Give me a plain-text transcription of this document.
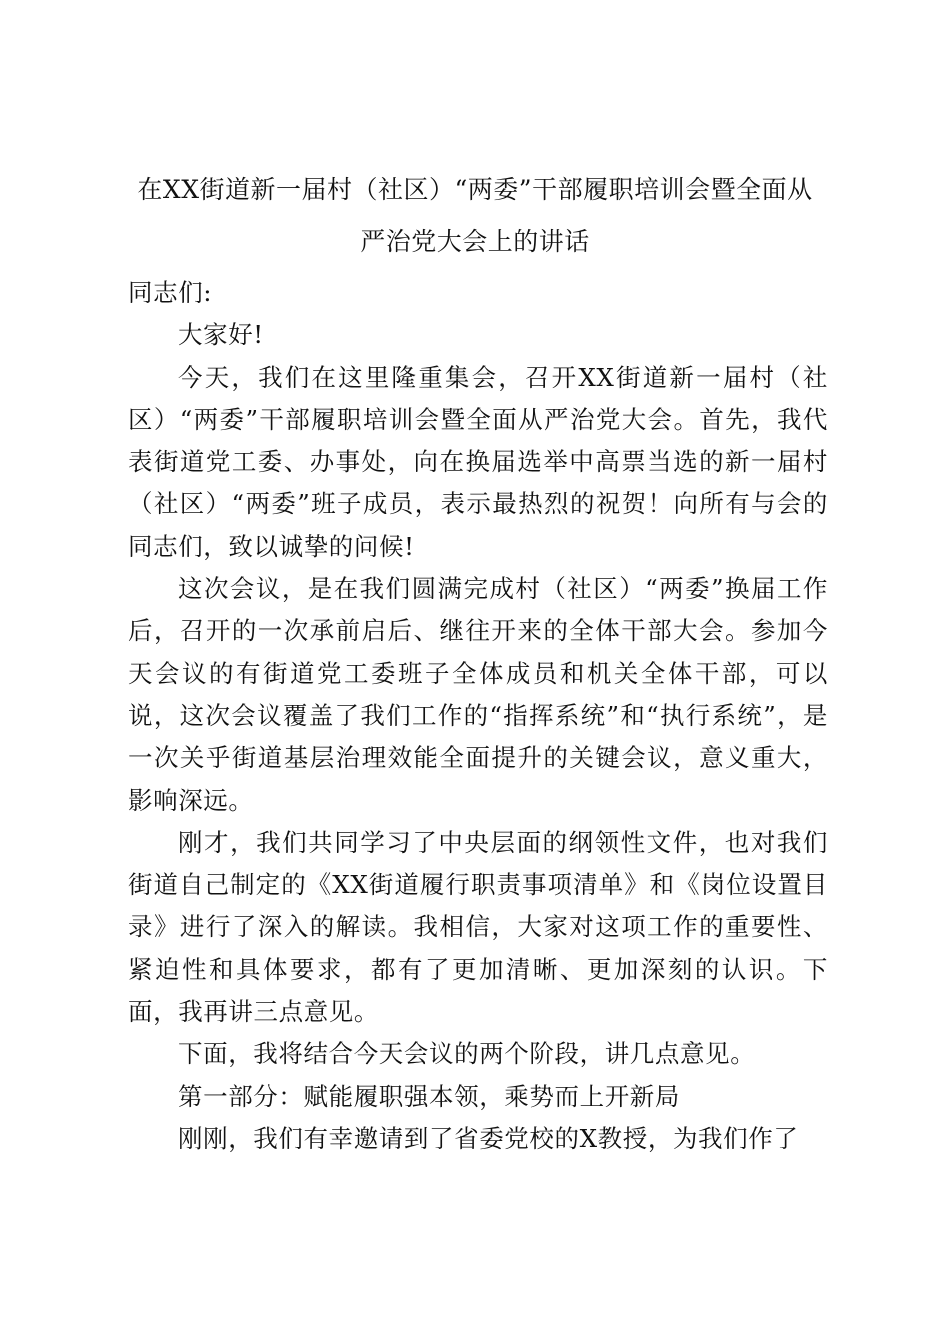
在XX街道新一届村（社区）“两委”干部履职培训会暨全面从
严治党大会上的讲话

同志们:

大家好!

今天，我们在这里隆重集会，召开XX街道新一届村（社区）“两委”干部履职培训会暨全面从严治党大会。首先，我代表街道党工委、办事处，向在换届选举中高票当选的新一届村（社区）“两委”班子成员，表示最热烈的祝贺！向所有与会的同志们，致以诚挚的问候!

这次会议，是在我们圆满完成村（社区）“两委”换届工作后，召开的一次承前启后、继往开来的全体干部大会。参加今天会议的有街道党工委班子全体成员和机关全体干部，可以说，这次会议覆盖了我们工作的“指挥系统”和“执行系统”，是一次关乎街道基层治理效能全面提升的关键会议，意义重大，影响深远。

刚才，我们共同学习了中央层面的纲领性文件，也对我们街道自己制定的《XX街道履行职责事项清单》和《岗位设置目录》进行了深入的解读。我相信，大家对这项工作的重要性、紧迫性和具体要求，都有了更加清晰、更加深刻的认识。下面，我再讲三点意见。

下面，我将结合今天会议的两个阶段，讲几点意见。

第一部分：赋能履职强本领，乘势而上开新局

刚刚，我们有幸邀请到了省委党校的X教授，为我们作了
